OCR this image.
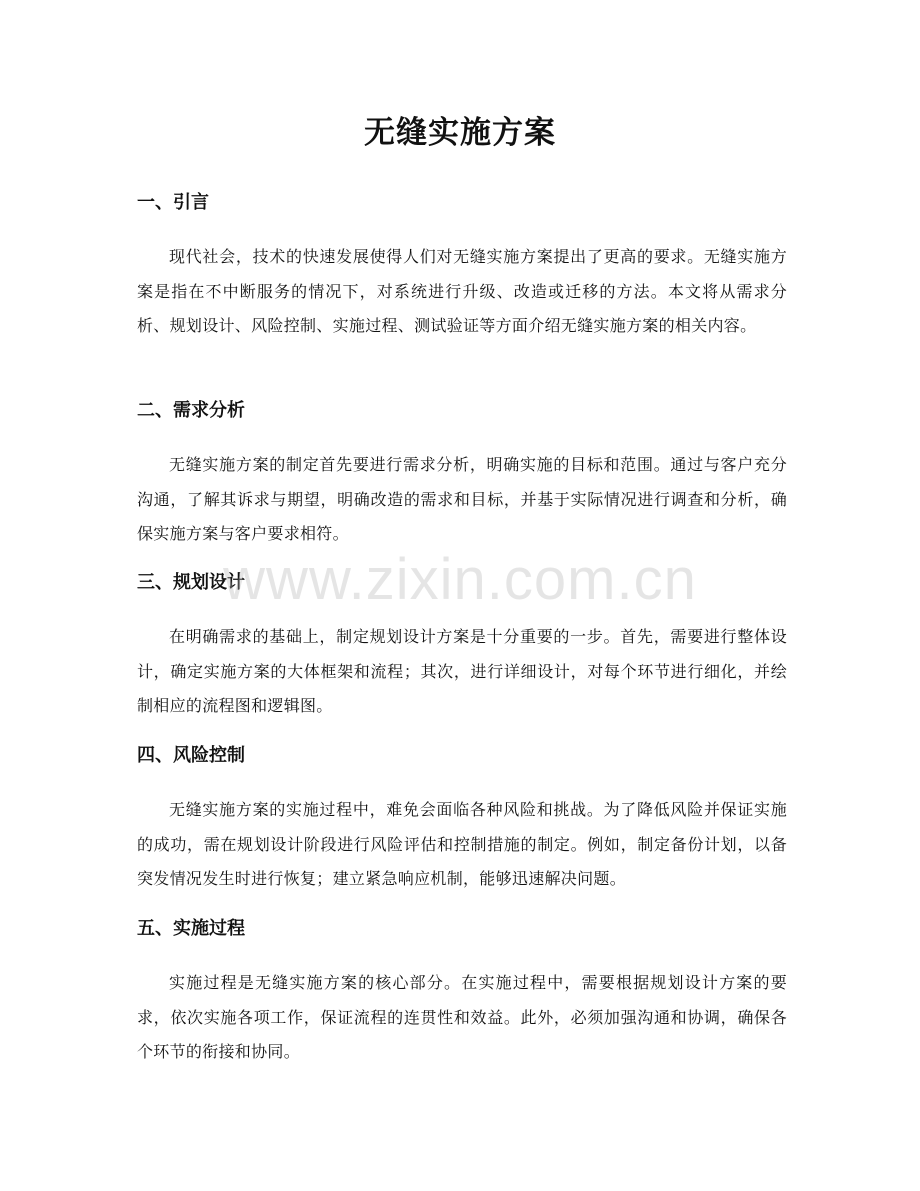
无缝实施方案
一、引言

现代社会，技术的快速发展使得人们对无缝实施方案提出了更高的要求。无缝实施方案是指在不中断服务的情况下，对系统进行升级、改造或迁移的方法。本文将从需求分析、规划设计、风险控制、实施过程、测试验证等方面介绍无缝实施方案的相关内容。

二、需求分析

无缝实施方案的制定首先要进行需求分析，明确实施的目标和范围。通过与客户充分沟通，了解其诉求与期望，明确改造的需求和目标，并基于实际情况进行调查和分析，确保实施方案与客户要求相符。

三、规划设计

在明确需求的基础上，制定规划设计方案是十分重要的一步。首先，需要进行整体设计，确定实施方案的大体框架和流程；其次，进行详细设计，对每个环节进行细化，并绘制相应的流程图和逻辑图。

四、风险控制

无缝实施方案的实施过程中，难免会面临各种风险和挑战。为了降低风险并保证实施的成功，需在规划设计阶段进行风险评估和控制措施的制定。例如，制定备份计划，以备突发情况发生时进行恢复；建立紧急响应机制，能够迅速解决问题。

五、实施过程

实施过程是无缝实施方案的核心部分。在实施过程中，需要根据规划设计方案的要求，依次实施各项工作，保证流程的连贯性和效益。此外，必须加强沟通和协调，确保各个环节的衔接和协同。

www.zixin.com.cn
